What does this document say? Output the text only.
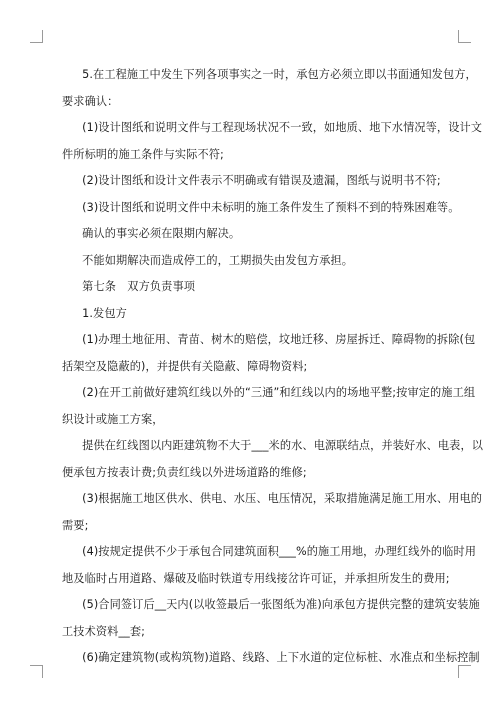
5.在工程施工中发生下列各项事实之一时，承包方必须立即以书面通知发包方，
要求确认：
(1)设计图纸和说明文件与工程现场状况不一致，如地质、地下水情况等，设计文
件所标明的施工条件与实际不符;
(2)设计图纸和设计文件表示不明确或有错误及遗漏，图纸与说明书不符;
(3)设计图纸和说明文件中未标明的施工条件发生了预料不到的特殊困难等。
确认的事实必须在限期内解决。
不能如期解决而造成停工的，工期损失由发包方承担。
第七条　双方负责事项
1.发包方
(1)办理土地征用、青苗、树木的赔偿，坟地迁移、房屋拆迁、障碍物的拆除(包
括架空及隐蔽的)，并提供有关隐蔽、障碍物资料;
(2)在开工前做好建筑红线以外的“三通”和红线以内的场地平整;按审定的施工组
织设计或施工方案，
提供在红线图以内距建筑物不大于___米的水、电源联结点，并装好水、电表，以
便承包方按表计费;负责红线以外进场道路的维修;
(3)根据施工地区供水、供电、水压、电压情况，采取措施满足施工用水、用电的
需要;
(4)按规定提供不少于承包合同建筑面积___%的施工用地，办理红线外的临时用
地及临时占用道路、爆破及临时铁道专用线接岔许可证，并承担所发生的费用;
(5)合同签订后__天内(以收签最后一张图纸为准)向承包方提供完整的建筑安装施
工技术资料__套;
(6)确定建筑物(或构筑物)道路、线路、上下水道的定位标桩、水准点和坐标控制
